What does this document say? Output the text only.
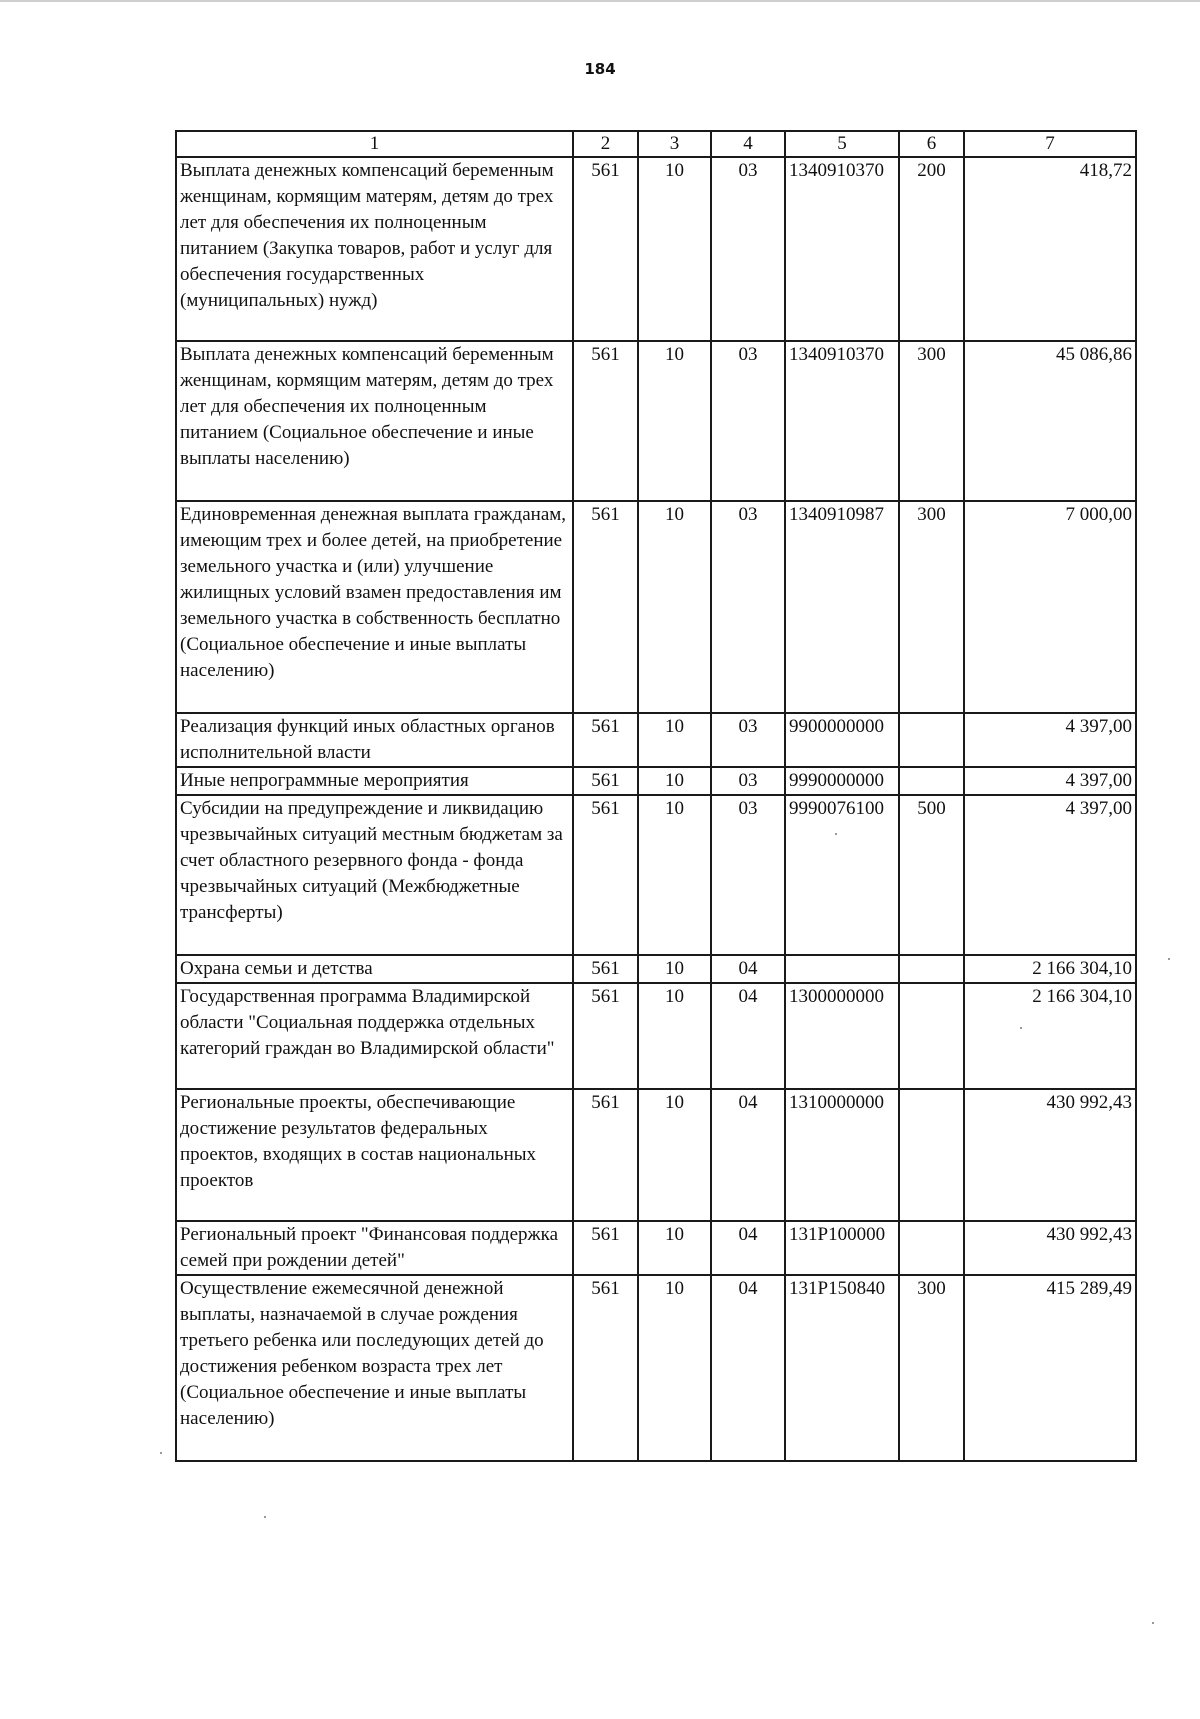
184
1	2	3	4	5	6	7
Выплата денежных компенсаций беременным женщинам, кормящим матерям, детям до трех лет для обеспечения их полноценным питанием (Закупка товаров, работ и услуг для обеспечения государственных (муниципальных) нужд)	561	10	03	1340910370	200	418,72
Выплата денежных компенсаций беременным женщинам, кормящим матерям, детям до трех лет для обеспечения их полноценным питанием (Социальное обеспечение и иные выплаты населению)	561	10	03	1340910370	300	45 086,86
Единовременная денежная выплата гражданам, имеющим трех и более детей, на приобретение земельного участка и (или) улучшение жилищных условий взамен предоставления им земельного участка в собственность бесплатно (Социальное обеспечение и иные выплаты населению)	561	10	03	1340910987	300	7 000,00
Реализация функций иных областных органов исполнительной власти	561	10	03	9900000000		4 397,00
Иные непрограммные мероприятия	561	10	03	9990000000		4 397,00
Субсидии на предупреждение и ликвидацию чрезвычайных ситуаций местным бюджетам за счет областного резервного фонда - фонда чрезвычайных ситуаций (Межбюджетные трансферты)	561	10	03	9990076100	500	4 397,00
Охрана семьи и детства	561	10	04			2 166 304,10
Государственная программа Владимирской области "Социальная поддержка отдельных категорий граждан во Владимирской области"	561	10	04	1300000000		2 166 304,10
Региональные проекты, обеспечивающие достижение результатов федеральных проектов, входящих в состав национальных проектов	561	10	04	1310000000		430 992,43
Региональный проект "Финансовая поддержка семей при рождении детей"	561	10	04	131P100000		430 992,43
Осуществление ежемесячной денежной выплаты, назначаемой в случае рождения третьего ребенка или последующих детей до достижения ребенком возраста трех лет (Социальное обеспечение и иные выплаты населению)	561	10	04	131P150840	300	415 289,49
